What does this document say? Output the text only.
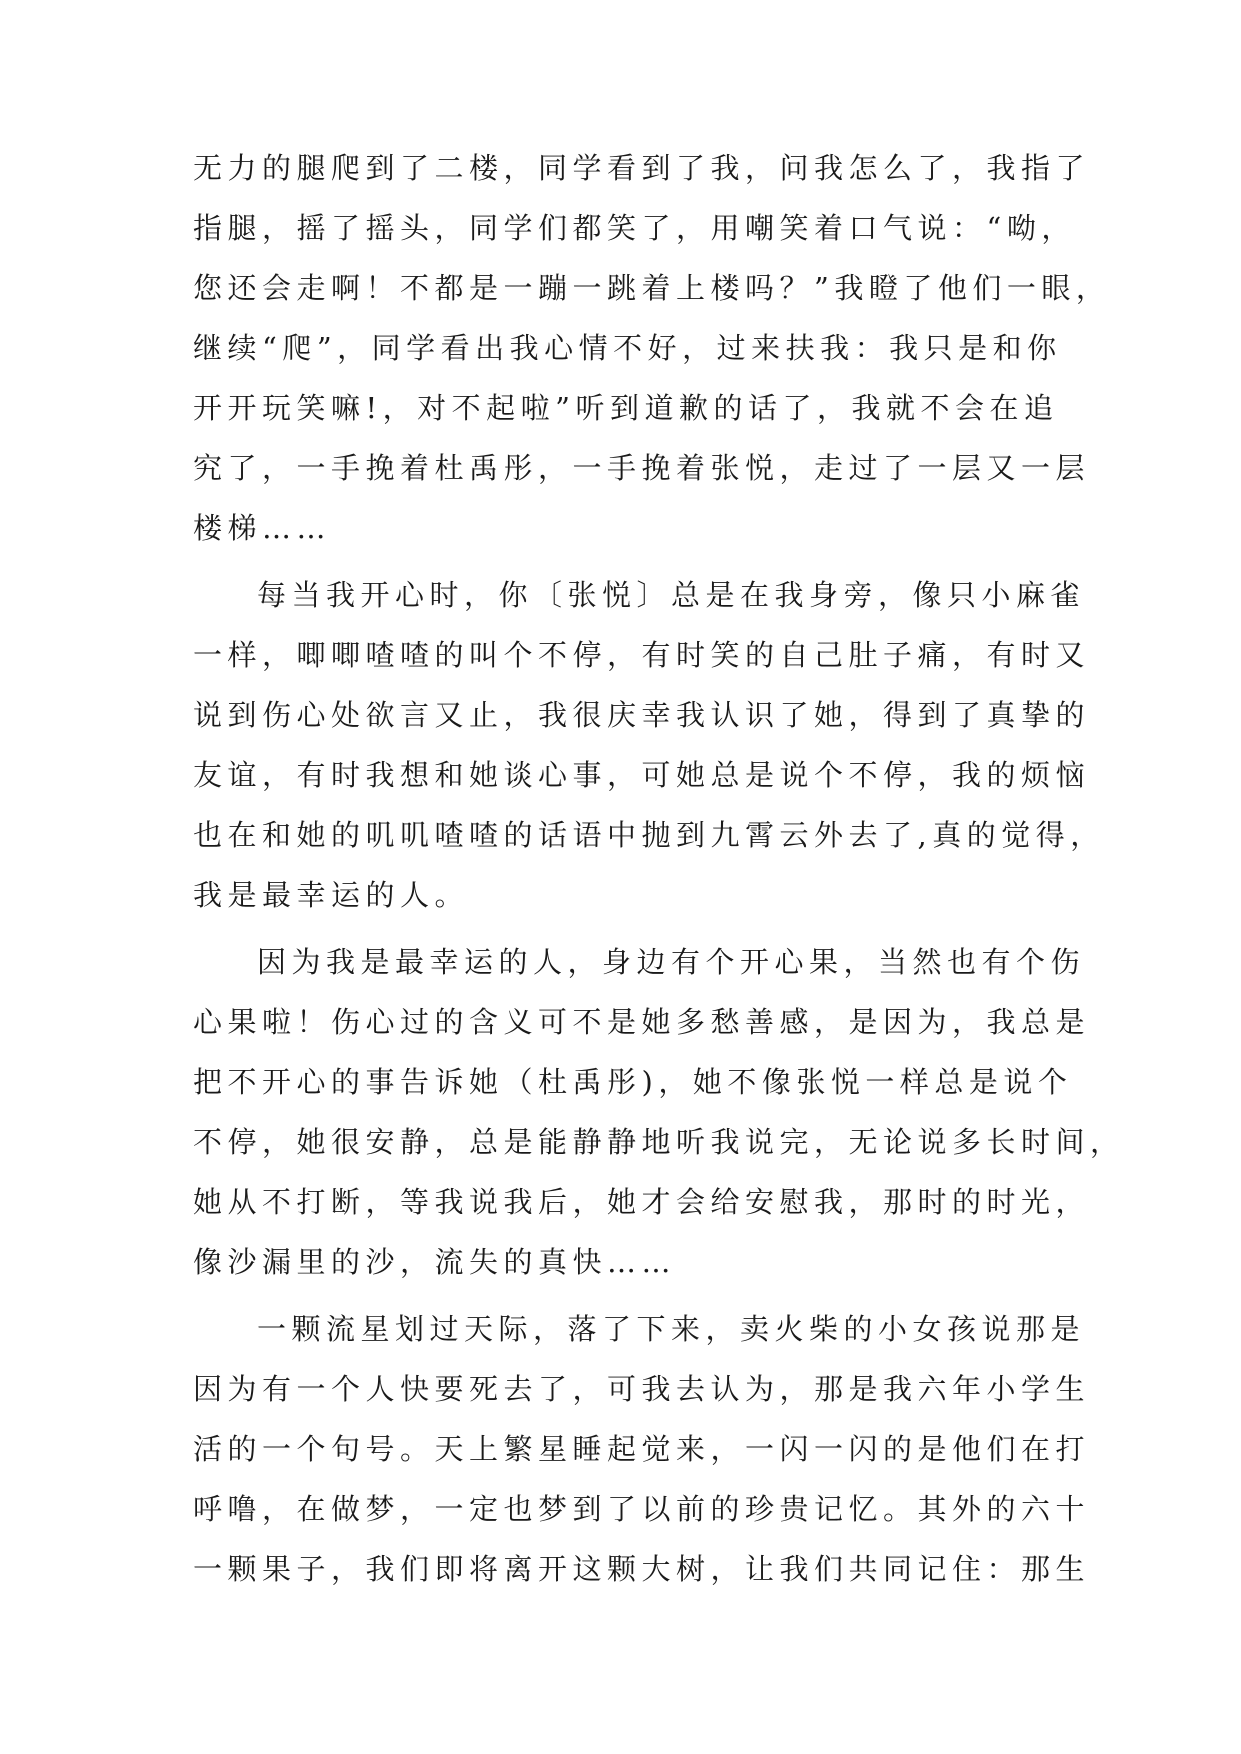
无力的腿爬到了二楼，同学看到了我，问我怎么了，我指了

指腿，摇了摇头，同学们都笑了，用嘲笑着口气说：“呦，

您还会走啊！不都是一蹦一跳着上楼吗？”我瞪了他们一眼，

继续“爬”，同学看出我心情不好，过来扶我：我只是和你

开开玩笑嘛!，对不起啦”听到道歉的话了，我就不会在追

究了，一手挽着杜禹彤，一手挽着张悦，走过了一层又一层

楼梯……

每当我开心时，你〔张悦〕总是在我身旁，像只小麻雀

一样，唧唧喳喳的叫个不停，有时笑的自己肚子痛，有时又

说到伤心处欲言又止，我很庆幸我认识了她，得到了真挚的

友谊，有时我想和她谈心事，可她总是说个不停，我的烦恼

也在和她的叽叽喳喳的话语中抛到九霄云外去了,真的觉得，

我是最幸运的人。

因为我是最幸运的人，身边有个开心果，当然也有个伤

心果啦！伤心过的含义可不是她多愁善感，是因为，我总是

把不开心的事告诉她（杜禹彤)，她不像张悦一样总是说个

不停，她很安静，总是能静静地听我说完，无论说多长时间，

她从不打断，等我说我后，她才会给安慰我，那时的时光，

像沙漏里的沙，流失的真快……

一颗流星划过天际，落了下来，卖火柴的小女孩说那是

因为有一个人快要死去了，可我去认为，那是我六年小学生

活的一个句号。天上繁星睡起觉来，一闪一闪的是他们在打

呼噜，在做梦，一定也梦到了以前的珍贵记忆。其外的六十

一颗果子，我们即将离开这颗大树，让我们共同记住：那生
